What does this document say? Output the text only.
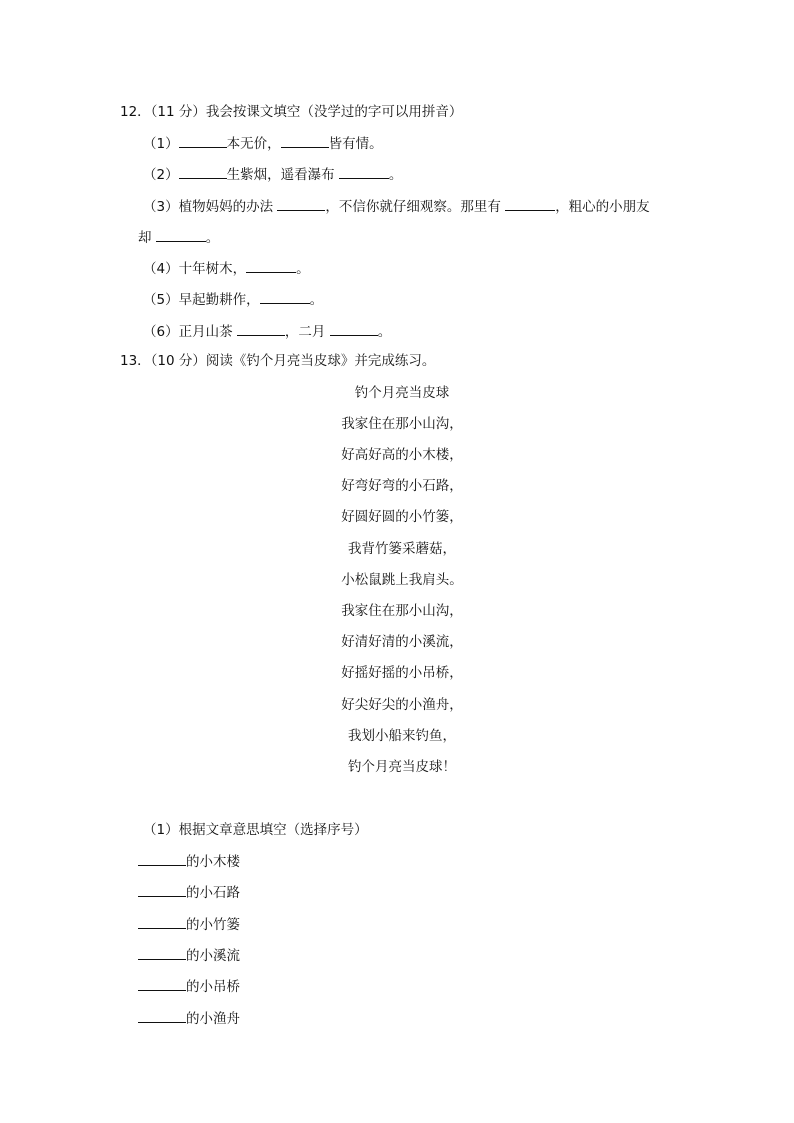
12．（11 分）我会按课文填空（没学过的字可以用拼音）
（1）	本无价，	皆有情。
（2）	生紫烟，遥看瀑布	。
（3）植物妈妈的办法	，不信你就仔细观察。那里有	，粗心的小朋友
却	。
（4）十年树木，	。
（5）早起勤耕作，	。
（6）正月山茶	，二月	。
13．（10 分）阅读《钓个月亮当皮球》并完成练习。
钓个月亮当皮球
我家住在那小山沟，
好高好高的小木楼，
好弯好弯的小石路，
好圆好圆的小竹篓，
我背竹篓采蘑菇，
小松鼠跳上我肩头。
我家住在那小山沟，
好清好清的小溪流，
好摇好摇的小吊桥，
好尖好尖的小渔舟，
我划小船来钓鱼，
钓个月亮当皮球！
（1）根据文章意思填空（选择序号）
的小木楼
的小石路
的小竹篓
的小溪流
的小吊桥
的小渔舟
